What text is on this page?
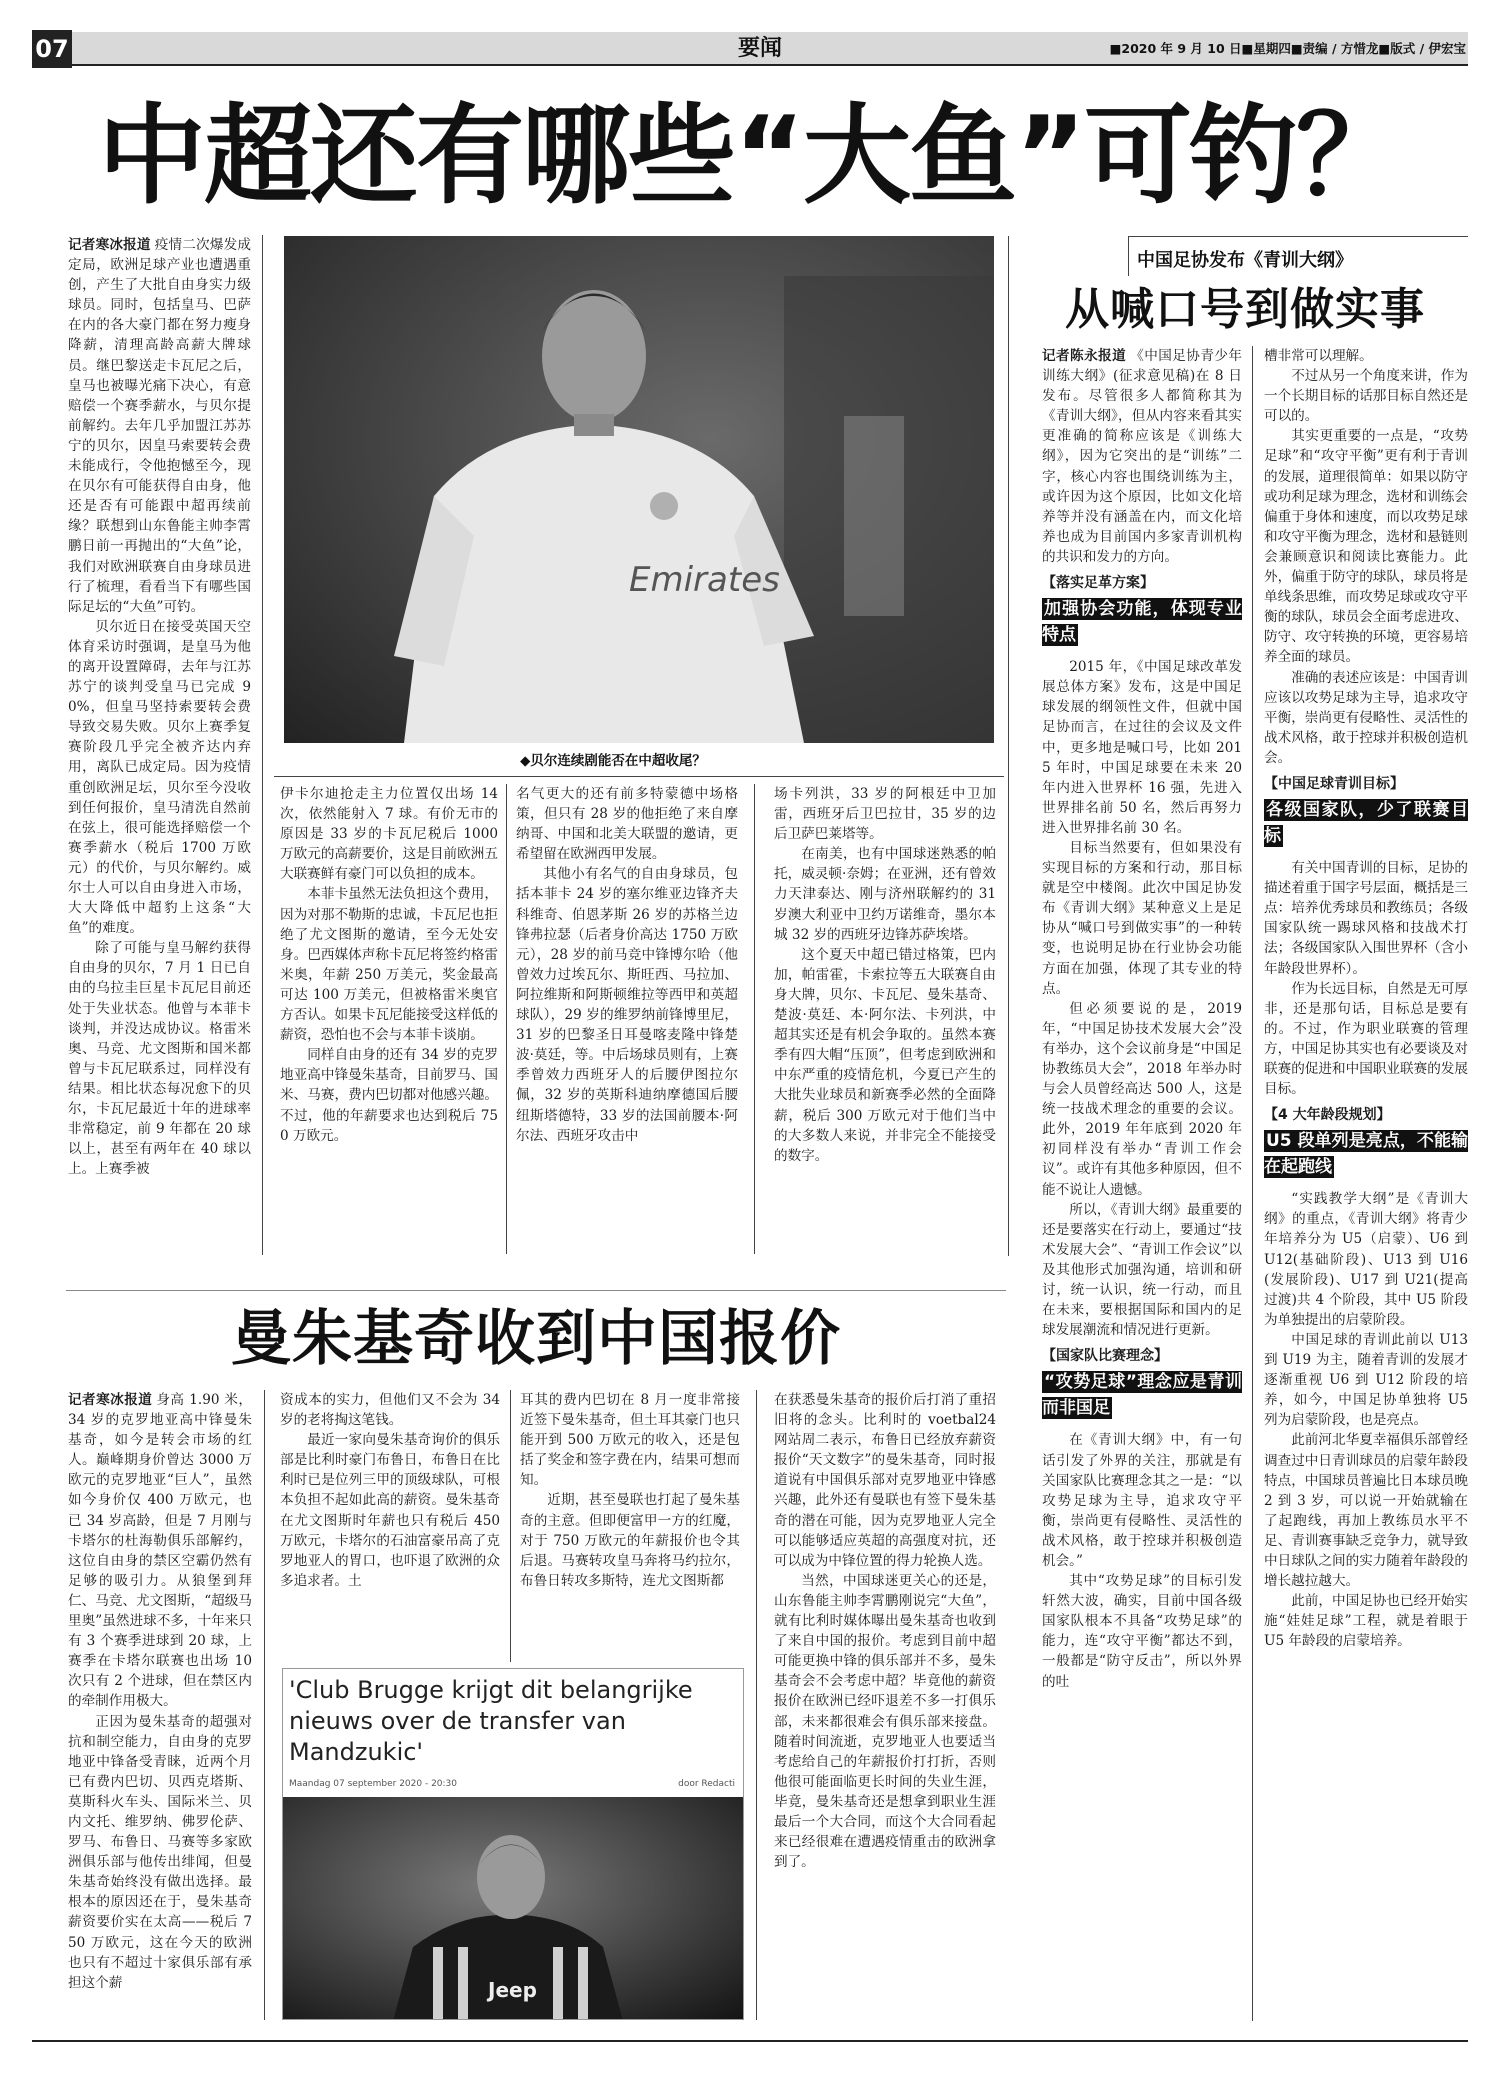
07	要闻	■2020 年 9 月 10 日■星期四■责编 / 方惜龙■版式 / 伊宏宝
中超还有哪些“大鱼”可钓？

记者寒冰报道 疫情二次爆发成定局，欧洲足球产业也遭遇重创，产生了大批自由身实力级球员。同时，包括皇马、巴萨在内的各大豪门都在努力瘦身降薪，清理高龄高薪大牌球员。继巴黎送走卡瓦尼之后，皇马也被曝光痛下决心，有意赔偿一个赛季薪水，与贝尔提前解约。去年几乎加盟江苏苏宁的贝尔，因皇马索要转会费未能成行，令他抱憾至今，现在贝尔有可能获得自由身，他还是否有可能跟中超再续前缘？联想到山东鲁能主帅李霄鹏日前一再抛出的“大鱼”论，我们对欧洲联赛自由身球员进行了梳理，看看当下有哪些国际足坛的“大鱼”可钓。

贝尔近日在接受英国天空体育采访时强调，是皇马为他的离开设置障碍，去年与江苏苏宁的谈判受皇马已完成 90%，但皇马坚持索要转会费导致交易失败。贝尔上赛季复赛阶段几乎完全被齐达内弃用，离队已成定局。因为疫情重创欧洲足坛，贝尔至今没收到任何报价，皇马清洗自然前在弦上，很可能选择赔偿一个赛季薪水（税后 1700 万欧元）的代价，与贝尔解约。威尔士人可以自由身进入市场，大大降低中超豹上这条“大鱼”的难度。

除了可能与皇马解约获得自由身的贝尔，7 月 1 日已自由的乌拉圭巨星卡瓦尼目前还处于失业状态。他曾与本菲卡谈判，并没达成协议。格雷米奥、马竞、尤文图斯和国米都曾与卡瓦尼联系过，同样没有结果。相比状态每况愈下的贝尔，卡瓦尼最近十年的进球率非常稳定，前 9 年都在 20 球以上，甚至有两年在 40 球以上。上赛季被

Emirates
◆贝尔连续剧能否在中超收尾？

伊卡尔迪抢走主力位置仅出场 14 次，依然能射入 7 球。有价无市的原因是 33 岁的卡瓦尼税后 1000 万欧元的高薪要价，这是目前欧洲五大联赛鲜有豪门可以负担的成本。

本菲卡虽然无法负担这个费用，因为对那不勒斯的忠诚，卡瓦尼也拒绝了尤文图斯的邀请，至今无处安身。巴西媒体声称卡瓦尼将签约格雷米奥，年薪 250 万美元，奖金最高可达 100 万美元，但被格雷米奥官方否认。如果卡瓦尼能接受这样低的薪资，恐怕也不会与本菲卡谈崩。

同样自由身的还有 34 岁的克罗地亚高中锋曼朱基奇，目前罗马、国米、马赛，费内巴切都对他感兴趣。不过，他的年薪要求也达到税后 750 万欧元。

名气更大的还有前多特蒙德中场格策，但只有 28 岁的他拒绝了来自摩纳哥、中国和北美大联盟的邀请，更希望留在欧洲西甲发展。

其他小有名气的自由身球员，包括本菲卡 24 岁的塞尔维亚边锋齐夫科维奇、伯恩茅斯 26 岁的苏格兰边锋弗拉瑟（后者身价高达 1750 万欧元），28 岁的前马竞中锋博尔哈（他曾效力过埃瓦尔、斯旺西、马拉加、阿拉维斯和阿斯顿维拉等西甲和英超球队），29 岁的维罗纳前锋博里尼，31 岁的巴黎圣日耳曼喀麦隆中锋楚波·莫廷，等。中后场球员则有，上赛季曾效力西班牙人的后腰伊图拉尔佩，32 岁的英斯科迪纳摩德国后腰纽斯塔德特，33 岁的法国前腰本·阿尔法、西班牙攻击中

场卡列洪，33 岁的阿根廷中卫加雷，西班牙后卫巴拉甘，35 岁的边后卫萨巴莱塔等。

在南美，也有中国球迷熟悉的帕托，威灵顿·奈姆；在亚洲，还有曾效力天津泰达、刚与济州联解约的 31 岁澳大利亚中卫约万诺维奇，墨尔本城 32 岁的西班牙边锋苏萨埃塔。

这个夏天中超已错过格策，巴内加，帕雷霍，卡索拉等五大联赛自由身大牌，贝尔、卡瓦尼、曼朱基奇、楚波·莫廷、本·阿尔法、卡列洪，中超其实还是有机会争取的。虽然本赛季有四大帽“压顶”，但考虑到欧洲和中东严重的疫情危机，今夏已产生的大批失业球员和新赛季必然的全面降薪，税后 300 万欧元对于他们当中的大多数人来说，并非完全不能接受的数字。

曼朱基奇收到中国报价

记者寒冰报道 身高 1.90 米，34 岁的克罗地亚高中锋曼朱基奇，如今是转会市场的红人。巅峰期身价曾达 3000 万欧元的克罗地亚“巨人”，虽然如今身价仅 400 万欧元，也已 34 岁高龄，但是 7 月刚与卡塔尔的杜海勒俱乐部解约，这位自由身的禁区空霸仍然有足够的吸引力。从狼堡到拜仁、马竞、尤文图斯，“超级马里奥”虽然进球不多，十年来只有 3 个赛季进球到 20 球，上赛季在卡塔尔联赛也出场 10 次只有 2 个进球，但在禁区内的牵制作用极大。

正因为曼朱基奇的超强对抗和制空能力，自由身的克罗地亚中锋备受青睐，近两个月已有费内巴切、贝西克塔斯、莫斯科火车头、国际米兰、贝内文托、维罗纳、佛罗伦萨、罗马、布鲁日、马赛等多家欧洲俱乐部与他传出绯闻，但曼朱基奇始终没有做出选择。最根本的原因还在于，曼朱基奇薪资要价实在太高——税后 750 万欧元，这在今天的欧洲也只有不超过十家俱乐部有承担这个薪

资成本的实力，但他们又不会为 34 岁的老将掏这笔钱。

最近一家向曼朱基奇询价的俱乐部是比利时豪门布鲁日，布鲁日在比利时已是位列三甲的顶级球队，可根本负担不起如此高的薪资。曼朱基奇在尤文图斯时年薪也只有税后 450 万欧元，卡塔尔的石油富豪吊高了克罗地亚人的胃口，也吓退了欧洲的众多追求者。土

耳其的费内巴切在 8 月一度非常接近签下曼朱基奇，但土耳其豪门也只能开到 500 万欧元的收入，还是包括了奖金和签字费在内，结果可想而知。

近期，甚至曼联也打起了曼朱基奇的主意。但即便富甲一方的红魔，对于 750 万欧元的年薪报价也令其后退。马赛转攻皇马奔将马约拉尔，布鲁日转攻多斯特，连尤文图斯都

在获悉曼朱基奇的报价后打消了重招旧将的念头。比利时的 voetbal24 网站周二表示，布鲁日已经放弃薪资报价“天文数字”的曼朱基奇，同时报道说有中国俱乐部对克罗地亚中锋感兴趣，此外还有曼联也有签下曼朱基奇的潜在可能，因为克罗地亚人完全可以能够适应英超的高强度对抗，还可以成为中锋位置的得力轮换人选。

当然，中国球迷更关心的还是，山东鲁能主帅李霄鹏刚说完“大鱼”，就有比利时媒体曝出曼朱基奇也收到了来自中国的报价。考虑到目前中超可能更换中锋的俱乐部并不多，曼朱基奇会不会考虑中超？毕竟他的薪资报价在欧洲已经吓退差不多一打俱乐部，未来都很难会有俱乐部来接盘。随着时间流逝，克罗地亚人也要适当考虑给自己的年薪报价打打折，否则他很可能面临更长时间的失业生涯，毕竟，曼朱基奇还是想拿到职业生涯最后一个大合同，而这个大合同看起来已经很难在遭遇疫情重击的欧洲拿到了。

'Club Brugge krijgt dit belangrijke nieuws over de transfer van Mandzukic'
Maandag 07 september 2020 - 20:30	door Redacti
Jeep
中国足协发布《青训大纲》
从喊口号到做实事

记者陈永报道 《中国足协青少年训练大纲》(征求意见稿)在 8 日发布。尽管很多人都简称其为《青训大纲》，但从内容来看其实更准确的简称应该是《训练大纲》，因为它突出的是“训练”二字，核心内容也围绕训练为主，或许因为这个原因，比如文化培养等并没有涵盖在内，而文化培养也成为目前国内多家青训机构的共识和发力的方向。

【落实足革方案】

加强协会功能，体现专业特点

2015 年，《中国足球改革发展总体方案》发布，这是中国足球发展的纲领性文件，但就中国足协而言，在过往的会议及文件中，更多地是喊口号，比如 2015 年时，中国足球要在未来 20 年内进入世界杯 16 强，先进入世界排名前 50 名，然后再努力进入世界排名前 30 名。

目标当然要有，但如果没有实现目标的方案和行动，那目标就是空中楼阁。此次中国足协发布《青训大纲》某种意义上是足协从“喊口号到做实事”的一种转变，也说明足协在行业协会功能方面在加强，体现了其专业的特点。

但必须要说的是，2019 年，“中国足协技术发展大会”没有举办，这个会议前身是“中国足协教练员大会”，2018 年举办时与会人员曾经高达 500 人，这是统一技战术理念的重要的会议。此外，2019 年年底到 2020 年初同样没有举办“青训工作会议”。或许有其他多种原因，但不能不说让人遗憾。

所以，《青训大纲》最重要的还是要落实在行动上，要通过“技术发展大会”、“青训工作会议”以及其他形式加强沟通，培训和研讨，统一认识，统一行动，而且在未来，要根据国际和国内的足球发展潮流和情况进行更新。

【国家队比赛理念】

“攻势足球”理念应是青训而非国足

在《青训大纲》中，有一句话引发了外界的关注，那就是有关国家队比赛理念其之一是：“以攻势足球为主导，追求攻守平衡，崇尚更有侵略性、灵活性的战术风格，敢于控球并积极创造机会。”

其中“攻势足球”的目标引发轩然大波，确实，目前中国各级国家队根本不具备“攻势足球”的能力，连“攻守平衡”都达不到，一般都是“防守反击”，所以外界的吐

槽非常可以理解。

不过从另一个角度来讲，作为一个长期目标的话那目标自然还是可以的。

其实更重要的一点是，“攻势足球”和“攻守平衡”更有利于青训的发展，道理很简单：如果以防守或功利足球为理念，选材和训练会偏重于身体和速度，而以攻势足球和攻守平衡为理念，选材和悬链则会兼顾意识和阅读比赛能力。此外，偏重于防守的球队，球员将是单线条思维，而攻势足球或攻守平衡的球队，球员会全面考虑进攻、防守、攻守转换的环境，更容易培养全面的球员。

准确的表述应该是：中国青训应该以攻势足球为主导，追求攻守平衡，崇尚更有侵略性、灵活性的战术风格，敢于控球并积极创造机会。

【中国足球青训目标】

各级国家队，少了联赛目标

有关中国青训的目标，足协的描述着重于国字号层面，概括是三点：培养优秀球员和教练员；各级国家队统一踢球风格和技战术打法；各级国家队入围世界杯（含小年龄段世界杯）。

作为长远目标，自然是无可厚非，还是那句话，目标总是要有的。不过，作为职业联赛的管理方，中国足协其实也有必要谈及对联赛的促进和中国职业联赛的发展目标。

【4 大年龄段规划】

U5 段单列是亮点，不能输在起跑线

“实践教学大纲”是《青训大纲》的重点，《青训大纲》将青少年培养分为 U5（启蒙）、U6 到 U12(基础阶段)、U13 到 U16(发展阶段)、U17 到 U21(提高过渡)共 4 个阶段，其中 U5 阶段为单独提出的启蒙阶段。

中国足球的青训此前以 U13 到 U19 为主，随着青训的发展才逐渐重视 U6 到 U12 阶段的培养，如今，中国足协单独将 U5 列为启蒙阶段，也是亮点。

此前河北华夏幸福俱乐部曾经调查过中日青训球员的启蒙年龄段特点，中国球员普遍比日本球员晚 2 到 3 岁，可以说一开始就输在了起跑线，再加上教练员水平不足、青训赛事缺乏竞争力，就导致中日球队之间的实力随着年龄段的增长越拉越大。

此前，中国足协也已经开始实施“娃娃足球”工程，就是着眼于 U5 年龄段的启蒙培养。
